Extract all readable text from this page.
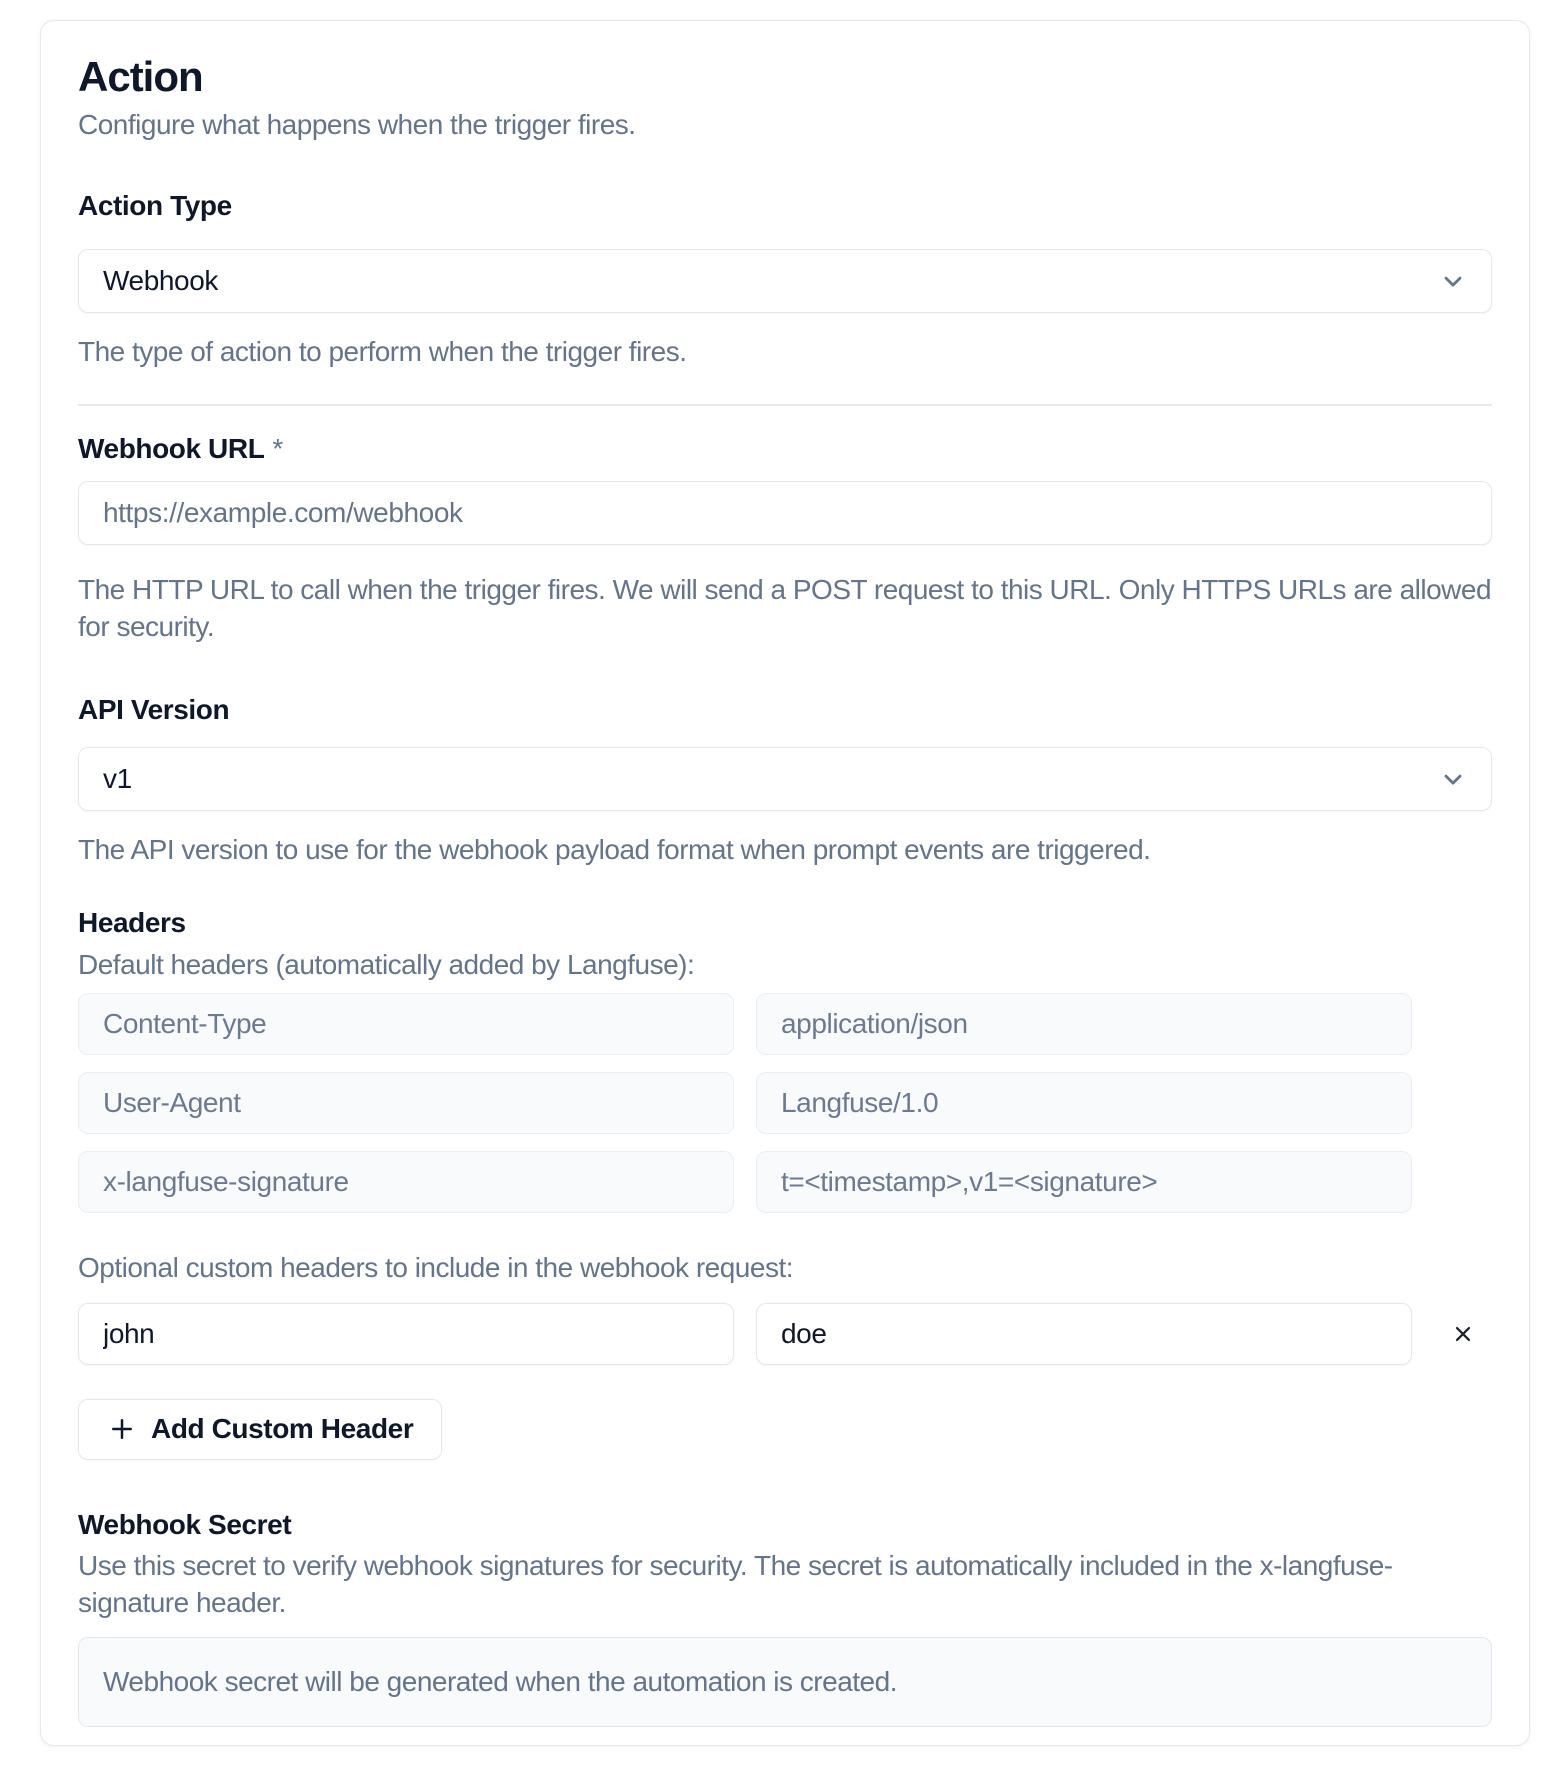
Action

Configure what happens when the trigger fires.

Action Type
Webhook

The type of action to perform when the trigger fires.

Webhook URL *
https://example.com/webhook

The HTTP URL to call when the trigger fires. We will send a POST request to this URL. Only HTTPS URLs are allowed for security.

API Version
v1

The API version to use for the webhook payload format when prompt events are triggered.

Headers

Default headers (automatically added by Langfuse):

Content-Type
application/json
User-Agent
Langfuse/1.0
x-langfuse-signature
t=<timestamp>,v1=<signature>

Optional custom headers to include in the webhook request:

john
doe
Add Custom Header
Webhook Secret

Use this secret to verify webhook signatures for security. The secret is automatically included in the x-langfuse-signature header.

Webhook secret will be generated when the automation is created.
